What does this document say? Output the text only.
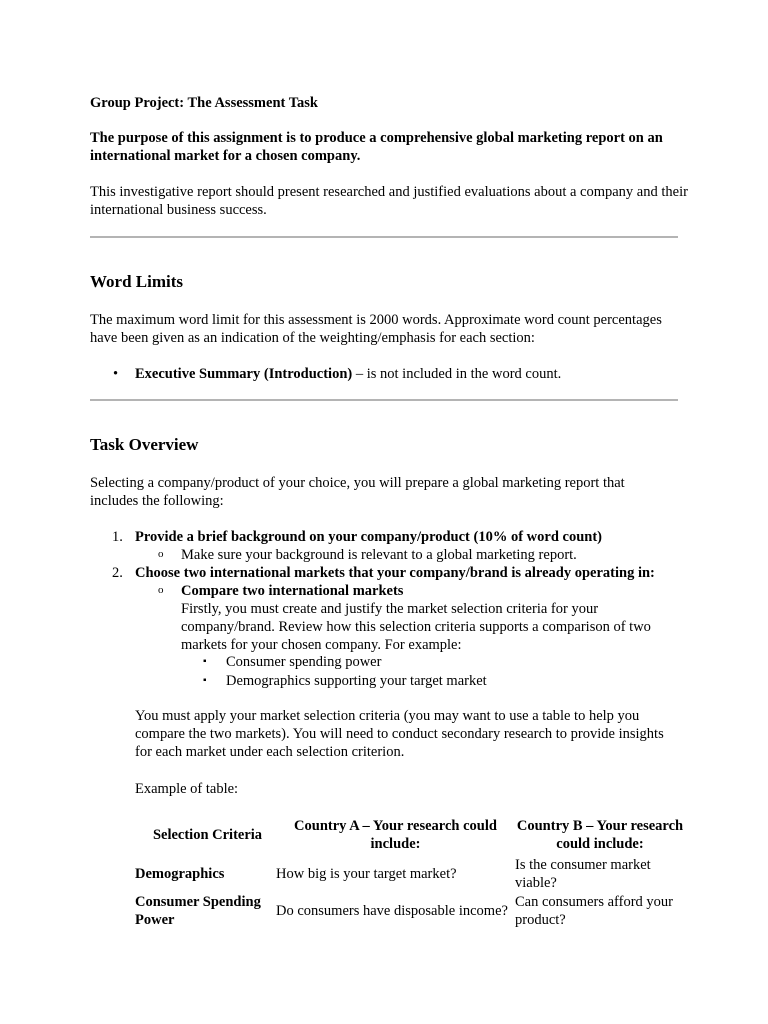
Group Project: The Assessment Task
The purpose of this assignment is to produce a comprehensive global marketing report on an international market for a chosen company.
This investigative report should present researched and justified evaluations about a company and their international business success.
Word Limits
The maximum word limit for this assessment is 2000 words. Approximate word count percentages have been given as an indication of the weighting/emphasis for each section:
• Executive Summary (Introduction) – is not included in the word count.
Task Overview
Selecting a company/product of your choice, you will prepare a global marketing report that includes the following:
1. Provide a brief background on your company/product (10% of word count)
o Make sure your background is relevant to a global marketing report.
2. Choose two international markets that your company/brand is already operating in:
o Compare two international markets
Firstly, you must create and justify the market selection criteria for your company/brand. Review how this selection criteria supports a comparison of two markets for your chosen company. For example:
▪ Consumer spending power
▪ Demographics supporting your target market
You must apply your market selection criteria (you may want to use a table to help you compare the two markets). You will need to conduct secondary research to provide insights for each market under each selection criterion.
Example of table:
Selection Criteria	Country A – Your research could include:	Country B – Your research could include:
Demographics	How big is your target market?	Is the consumer market viable?
Consumer Spending Power	Do consumers have disposable income?	Can consumers afford your product?
